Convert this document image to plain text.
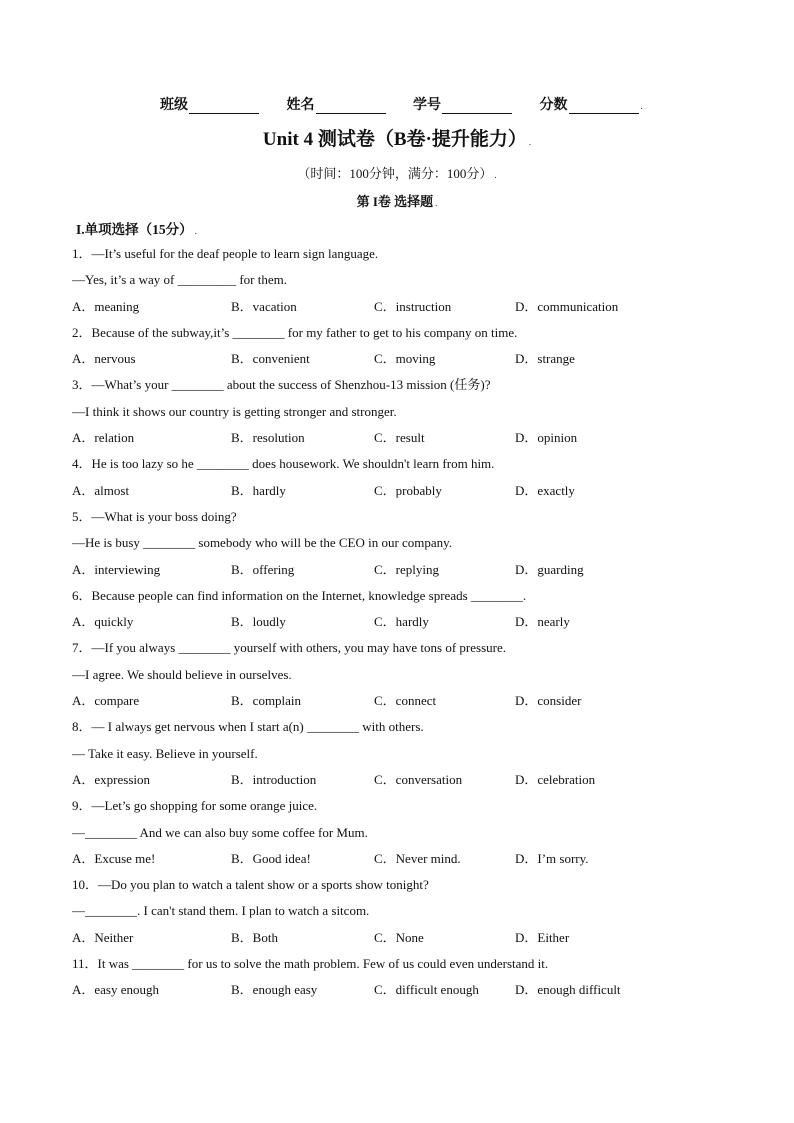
班级	姓名	学号	分数	.
Unit 4 测试卷（B卷·提升能力） .
（时间：100分钟，满分：100分） .
第 I卷 选择题 .
I.单项选择（15分） .
1．—It’s useful for the deaf people to learn sign language.
—Yes, it’s a way of _________ for them.
A．meaning	B．vacation	C．instruction	D．communication
2．Because of the subway,it’s ________ for my father to get to his company on time.
A．nervous	B．convenient	C．moving	D．strange
3．—What’s your ________ about the success of Shenzhou-13 mission (任务)?
—I think it shows our country is getting stronger and stronger.
A．relation	B．resolution	C．result	D．opinion
4．He is too lazy so he ________ does housework. We shouldn't learn from him.
A．almost	B．hardly	C．probably	D．exactly
5．—What is your boss doing?
—He is busy ________ somebody who will be the CEO in our company.
A．interviewing	B．offering	C．replying	D．guarding
6．Because people can find information on the Internet, knowledge spreads ________.
A．quickly	B．loudly	C．hardly	D．nearly
7．—If you always ________ yourself with others, you may have tons of pressure.
—I agree. We should believe in ourselves.
A．compare	B．complain	C．connect	D．consider
8．— I always get nervous when I start a(n) ________ with others.
— Take it easy. Believe in yourself.
A．expression	B．introduction	C．conversation	D．celebration
9．—Let’s go shopping for some orange juice.
—________ And we can also buy some coffee for Mum.
A．Excuse me!	B．Good idea!	C．Never mind.	D．I’m sorry.
10．—Do you plan to watch a talent show or a sports show tonight?
—________. I can't stand them. I plan to watch a sitcom.
A．Neither	B．Both	C．None	D．Either
11．It was ________ for us to solve the math problem. Few of us could even understand it.
A．easy enough	B．enough easy	C．difficult enough	D．enough difficult
